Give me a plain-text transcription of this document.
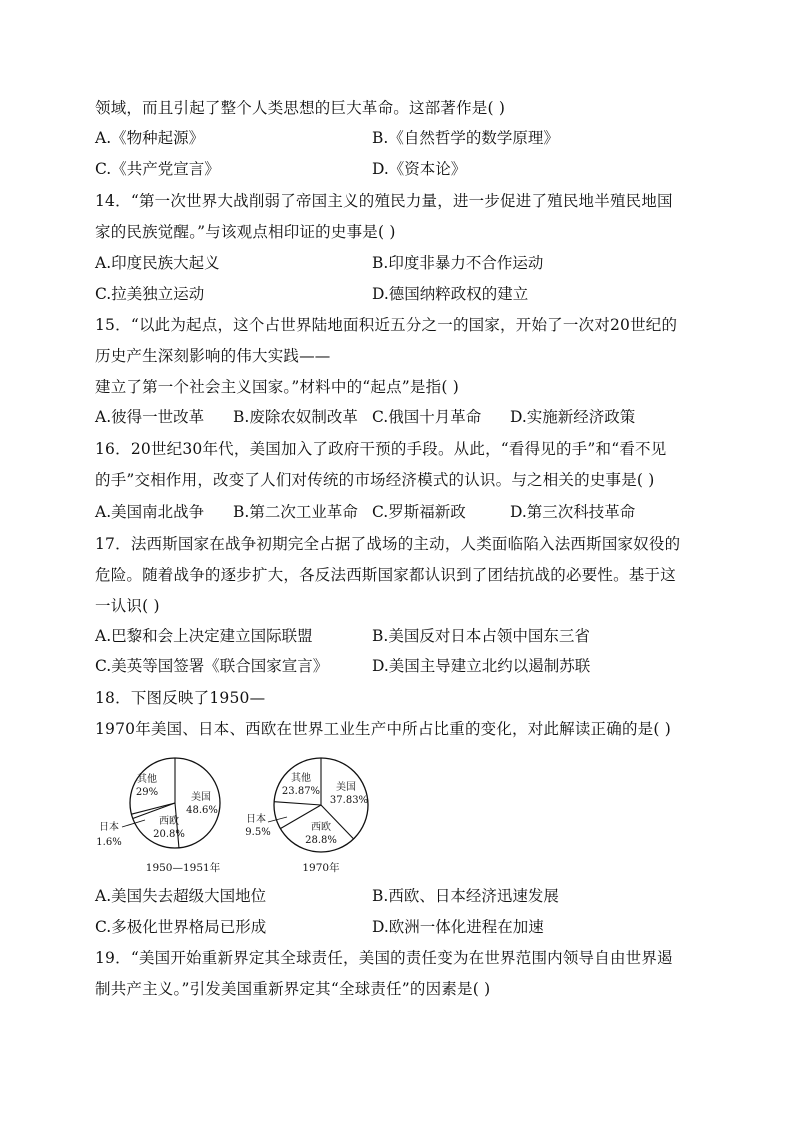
领域，而且引起了整个人类思想的巨大革命。这部著作是( )
A.《物种起源》	B.《自然哲学的数学原理》
C.《共产党宣言》	D.《资本论》
14．“第一次世界大战削弱了帝国主义的殖民力量，进一步促进了殖民地半殖民地国
家的民族觉醒。”与该观点相印证的史事是( )
A.印度民族大起义	B.印度非暴力不合作运动
C.拉美独立运动	D.德国纳粹政权的建立
15．“以此为起点，这个占世界陆地面积近五分之一的国家，开始了一次对20世纪的
历史产生深刻影响的伟大实践——
建立了第一个社会主义国家。”材料中的“起点”是指( )
A.彼得一世改革 B.废除农奴制改革 C.俄国十月革命 D.实施新经济政策
16．20世纪30年代，美国加入了政府干预的手段。从此，“看得见的手”和“看不见
的手”交相作用，改变了人们对传统的市场经济模式的认识。与之相关的史事是( )
A.美国南北战争 B.第二次工业革命 C.罗斯福新政	D.第三次科技革命
17．法西斯国家在战争初期完全占据了战场的主动，人类面临陷入法西斯国家奴役的
危险。随着战争的逐步扩大，各反法西斯国家都认识到了团结抗战的必要性。基于这
一认识( )
A.巴黎和会上决定建立国际联盟	B.美国反对日本占领中国东三省
C.美英等国签署《联合国家宣言》	D.美国主导建立北约以遏制苏联
18．下图反映了1950—
1970年美国、日本、西欧在世界工业生产中所占比重的变化，对此解读正确的是( )
其他
29%	美国
48.6%
西欧
20.8%
日本
1.6%
1950—1951年
其他
23.87% 美国
37.83%
西欧
28.8%
日本
9.5%
1970年
A.美国失去超级大国地位	B.西欧、日本经济迅速发展
C.多极化世界格局已形成	D.欧洲一体化进程在加速
19．“美国开始重新界定其全球责任，美国的责任变为在世界范围内领导自由世界遏
制共产主义。”引发美国重新界定其“全球责任”的因素是( )
